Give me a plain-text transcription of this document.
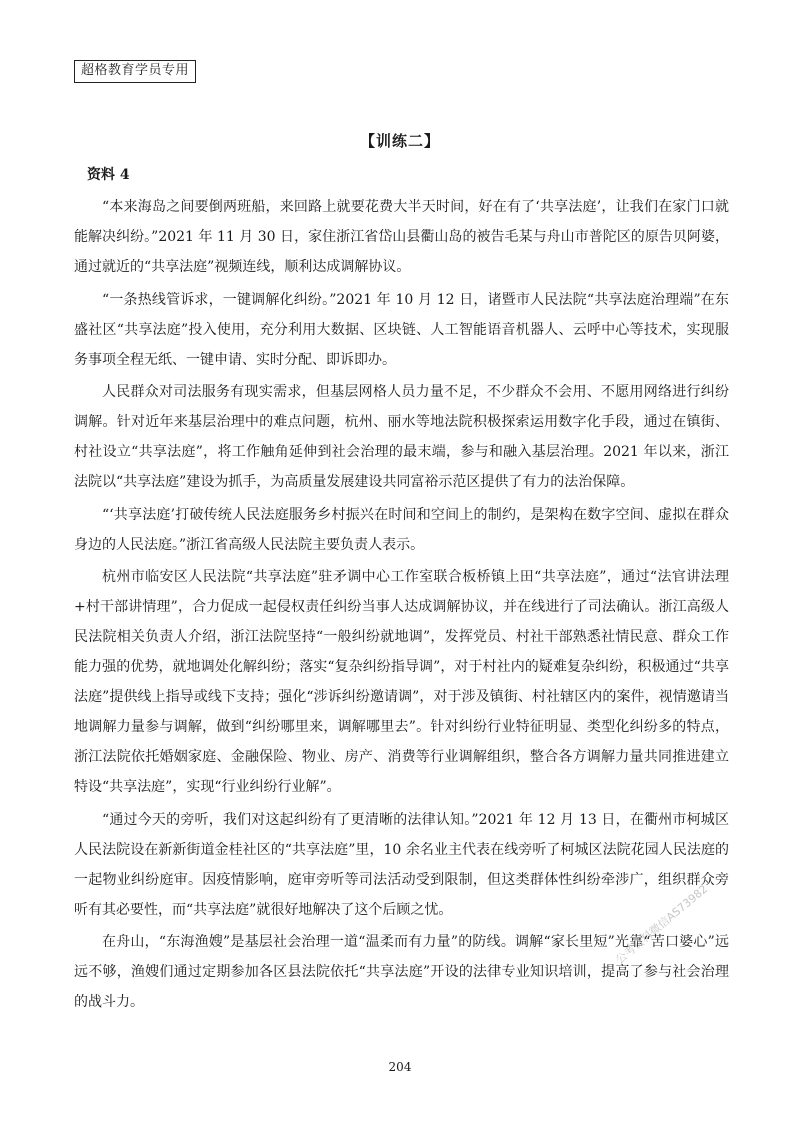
超格教育学员专用
【训练二】
资料 4

“本来海岛之间要倒两班船，来回路上就要花费大半天时间，好在有了‘共享法庭’，让我们在家门口就能解决纠纷。”2021 年 11 月 30 日，家住浙江省岱山县衢山岛的被告毛某与舟山市普陀区的原告贝阿婆，通过就近的“共享法庭”视频连线，顺利达成调解协议。

“一条热线管诉求，一键调解化纠纷。”2021 年 10 月 12 日，诸暨市人民法院“共享法庭治理端”在东盛社区“共享法庭”投入使用，充分利用大数据、区块链、人工智能语音机器人、云呼中心等技术，实现服务事项全程无纸、一键申请、实时分配、即诉即办。

人民群众对司法服务有现实需求，但基层网格人员力量不足，不少群众不会用、不愿用网络进行纠纷调解。针对近年来基层治理中的难点问题，杭州、丽水等地法院积极探索运用数字化手段，通过在镇街、村社设立“共享法庭”，将工作触角延伸到社会治理的最末端，参与和融入基层治理。2021 年以来，浙江法院以“共享法庭”建设为抓手，为高质量发展建设共同富裕示范区提供了有力的法治保障。

“‘共享法庭’打破传统人民法庭服务乡村振兴在时间和空间上的制约，是架构在数字空间、虚拟在群众身边的人民法庭。”浙江省高级人民法院主要负责人表示。

杭州市临安区人民法院“共享法庭”驻矛调中心工作室联合板桥镇上田“共享法庭”，通过“法官讲法理+村干部讲情理”，合力促成一起侵权责任纠纷当事人达成调解协议，并在线进行了司法确认。浙江高级人民法院相关负责人介绍，浙江法院坚持“一般纠纷就地调”，发挥党员、村社干部熟悉社情民意、群众工作能力强的优势，就地调处化解纠纷；落实“复杂纠纷指导调”，对于村社内的疑难复杂纠纷，积极通过“共享法庭”提供线上指导或线下支持；强化“涉诉纠纷邀请调”，对于涉及镇街、村社辖区内的案件，视情邀请当地调解力量参与调解，做到“纠纷哪里来，调解哪里去”。针对纠纷行业特征明显、类型化纠纷多的特点，浙江法院依托婚姻家庭、金融保险、物业、房产、消费等行业调解组织，整合各方调解力量共同推进建立特设“共享法庭”，实现“行业纠纷行业解”。

“通过今天的旁听，我们对这起纠纷有了更清晰的法律认知。”2021 年 12 月 13 日，在衢州市柯城区人民法院设在新新街道金桂社区的“共享法庭”里，10 余名业主代表在线旁听了柯城区法院花园人民法庭的一起物业纠纷庭审。因疫情影响，庭审旁听等司法活动受到限制，但这类群体性纠纷牵涉广，组织群众旁听有其必要性，而“共享法庭”就很好地解决了这个后顾之忧。

在舟山，“东海渔嫂”是基层社会治理一道“温柔而有力量”的防线。调解“家长里短”光靠“苦口婆心”远远不够，渔嫂们通过定期参加各区县法院依托“共享法庭”开设的法律专业知识培训，提高了参与社会治理的战斗力。

公考资料微信AS73982
204
